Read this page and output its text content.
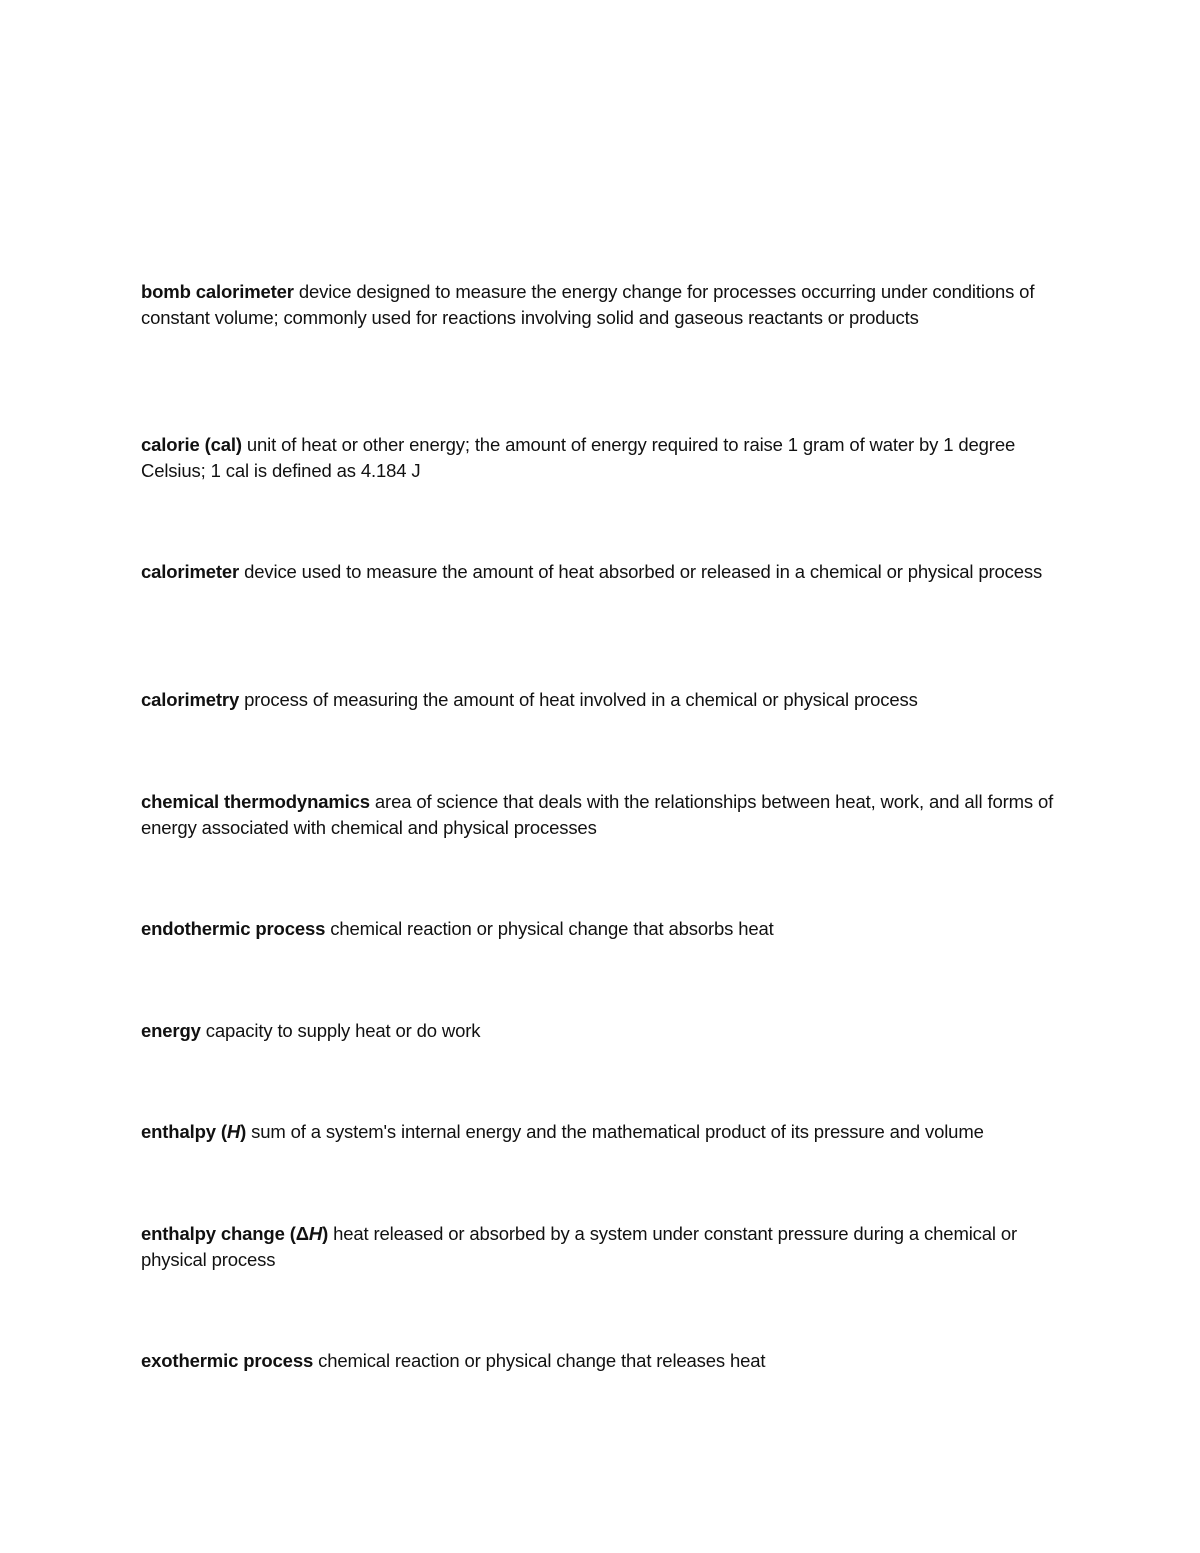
bomb calorimeter device designed to measure the energy change for processes occurring under conditions of constant volume; commonly used for reactions involving solid and gaseous reactants or products

calorie (cal) unit of heat or other energy; the amount of energy required to raise 1 gram of water by 1 degree Celsius; 1 cal is defined as 4.184 J

calorimeter device used to measure the amount of heat absorbed or released in a chemical or physical process

calorimetry process of measuring the amount of heat involved in a chemical or physical process

chemical thermodynamics area of science that deals with the relationships between heat, work, and all forms of energy associated with chemical and physical processes

endothermic process chemical reaction or physical change that absorbs heat

energy capacity to supply heat or do work

enthalpy (H) sum of a system's internal energy and the mathematical product of its pressure and volume

enthalpy change (ΔH) heat released or absorbed by a system under constant pressure during a chemical or physical process

exothermic process chemical reaction or physical change that releases heat
